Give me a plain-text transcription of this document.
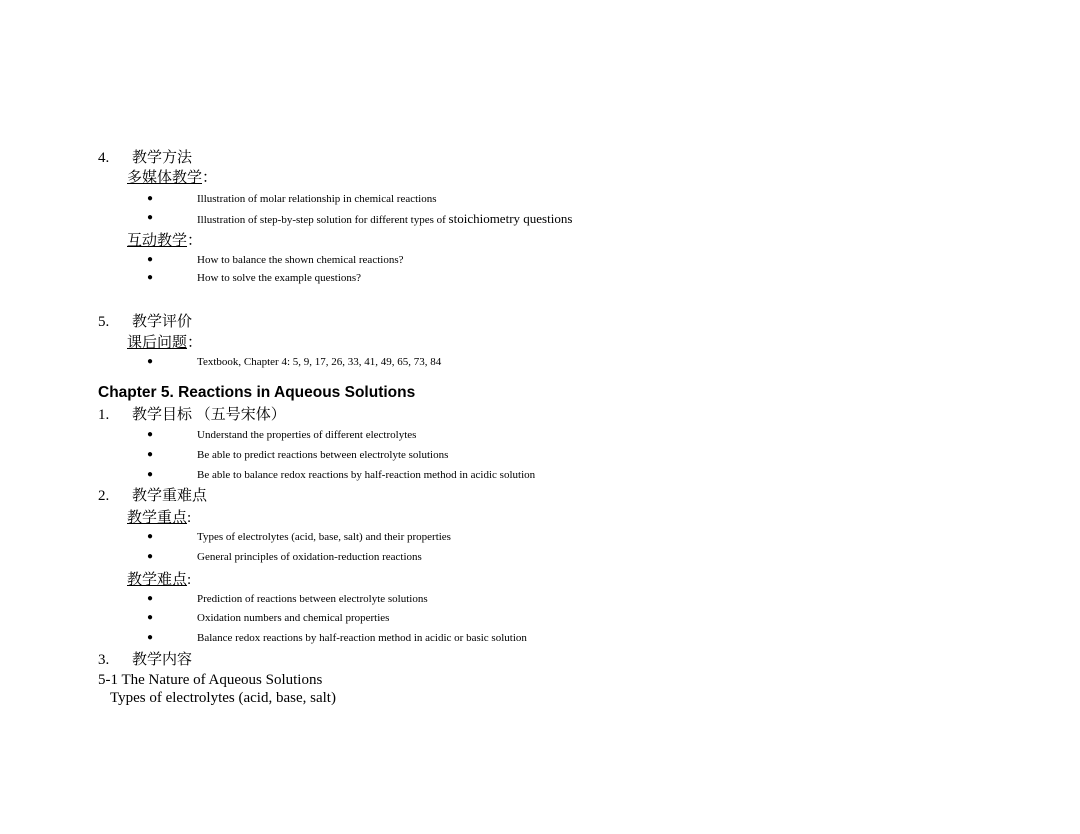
4. 教学方法
多媒体教学：
●	Illustration of molar relationship in chemical reactions
●	Illustration of step-by-step solution for different types of stoichiometry questions
互动教学：
●	How to balance the shown chemical reactions?
●	How to solve the example questions?
5. 教学评价
课后问题：
●	Textbook, Chapter 4: 5, 9, 17, 26, 33, 41, 49, 65, 73, 84
Chapter 5. Reactions in Aqueous Solutions
1. 教学目标 （五号宋体）
●	Understand the properties of different electrolytes
●	Be able to predict reactions between electrolyte solutions
●	Be able to balance redox reactions by half-reaction method in acidic solution
2. 教学重难点
教学重点:
●	Types of electrolytes (acid, base, salt) and their properties
●	General principles of oxidation-reduction reactions
教学难点:
●	Prediction of reactions between electrolyte solutions
●	Oxidation numbers and chemical properties
●	Balance redox reactions by half-reaction method in acidic or basic solution
3. 教学内容
5-1 The Nature of Aqueous Solutions
Types of electrolytes (acid, base, salt)
